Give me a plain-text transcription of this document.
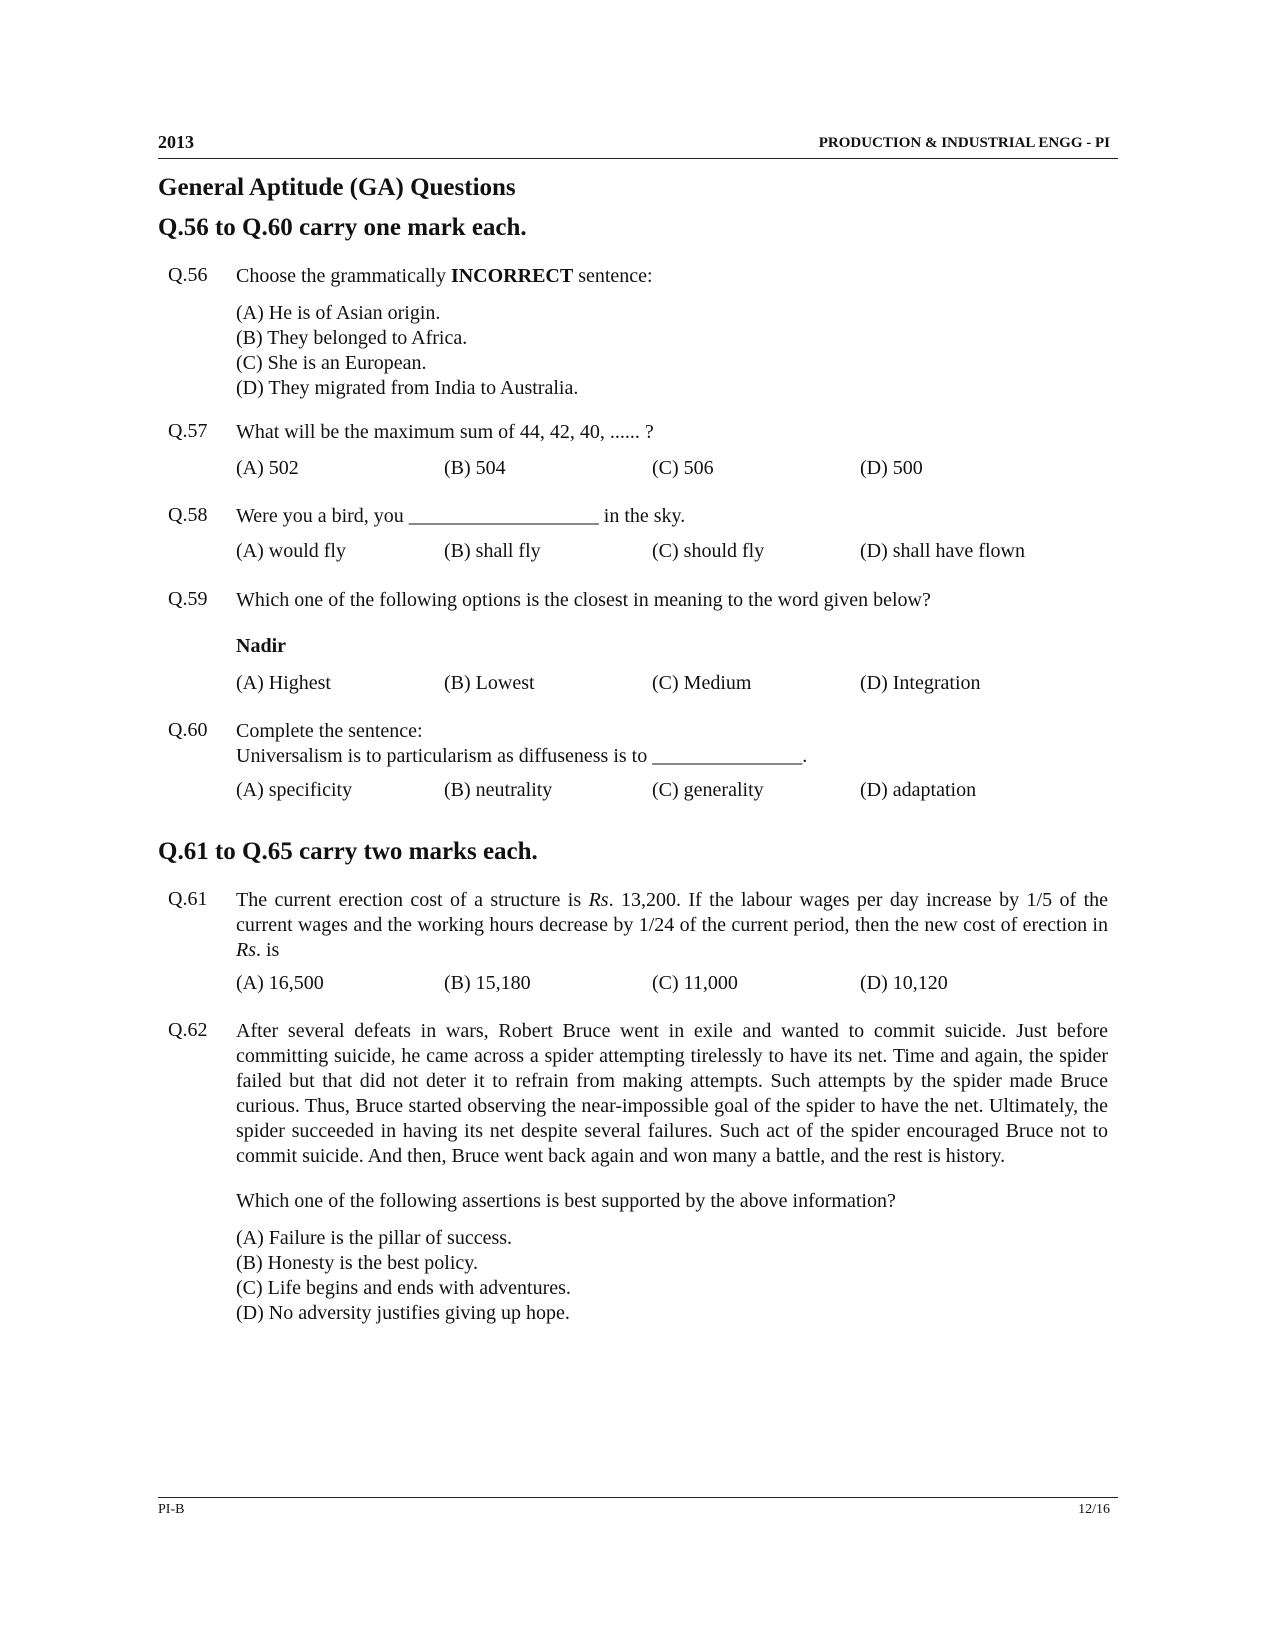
2013	PRODUCTION & INDUSTRIAL ENGG - PI
General Aptitude (GA) Questions
Q.56 to Q.60 carry one mark each.
Q.56 Choose the grammatically INCORRECT sentence:
(A) He is of Asian origin.
(B) They belonged to Africa.
(C) She is an European.
(D) They migrated from India to Australia.
Q.57 What will be the maximum sum of 44, 42, 40, ...... ?
(A) 502	(B) 504	(C) 506	(D) 500
Q.58 Were you a bird, you ___________________ in the sky.
(A) would fly	(B) shall fly	(C) should fly	(D) shall have flown
Q.59 Which one of the following options is the closest in meaning to the word given below?
Nadir
(A) Highest	(B) Lowest	(C) Medium	(D) Integration
Q.60 Complete the sentence:
Universalism is to particularism as diffuseness is to _______________.
(A) specificity	(B) neutrality	(C) generality	(D) adaptation
Q.61 to Q.65 carry two marks each.
Q.61 The current erection cost of a structure is Rs. 13,200. If the labour wages per day increase by 1/5 of the current wages and the working hours decrease by 1/24 of the current period, then the new cost of erection in Rs. is
(A) 16,500	(B) 15,180	(C) 11,000	(D) 10,120
Q.62 After several defeats in wars, Robert Bruce went in exile and wanted to commit suicide. Just before committing suicide, he came across a spider attempting tirelessly to have its net. Time and again, the spider failed but that did not deter it to refrain from making attempts. Such attempts by the spider made Bruce curious. Thus, Bruce started observing the near-impossible goal of the spider to have the net. Ultimately, the spider succeeded in having its net despite several failures. Such act of the spider encouraged Bruce not to commit suicide. And then, Bruce went back again and won many a battle, and the rest is history.
Which one of the following assertions is best supported by the above information?
(A) Failure is the pillar of success.
(B) Honesty is the best policy.
(C) Life begins and ends with adventures.
(D) No adversity justifies giving up hope.
PI-B	12/16
